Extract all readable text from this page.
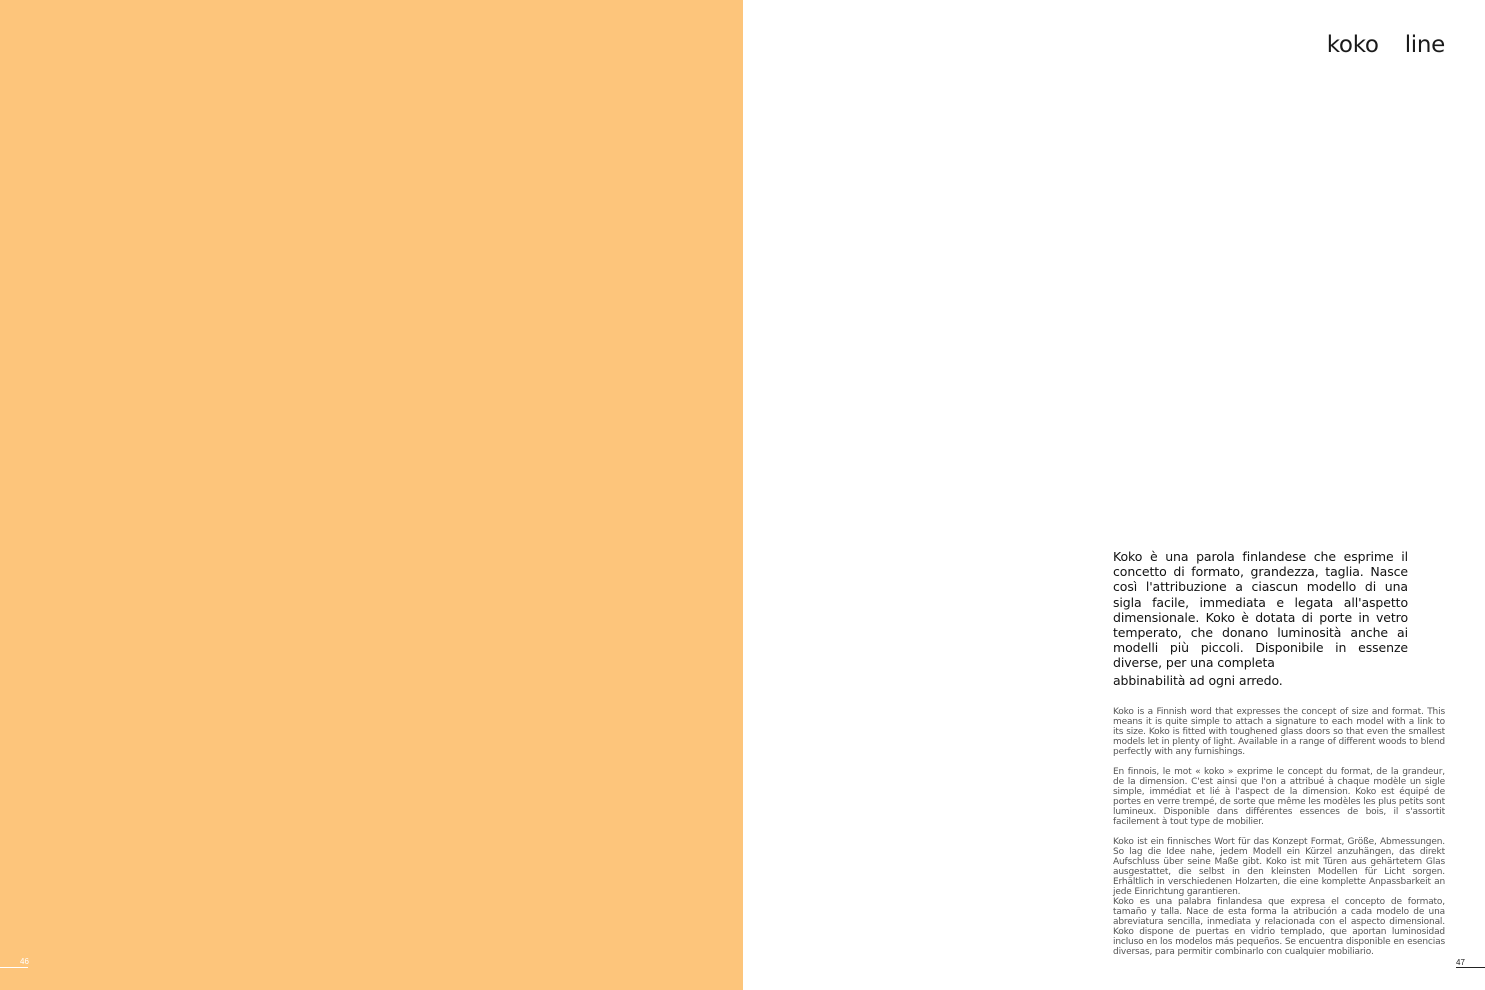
46
koko line
Koko è una parola finlandese che esprime il concetto di formato, grandezza, taglia. Nasce così l'attribuzione a ciascun modello di una sigla facile, immediata e legata all'aspetto dimensionale. Koko è dotata di porte in vetro temperato, che donano luminosità anche ai modelli più piccoli. Disponibile in essenze diverse, per una completa
abbinabilità ad ogni arredo.

Koko is a Finnish word that expresses the concept of size and format. This means it is quite simple to attach a signature to each model with a link to its size. Koko is fitted with toughened glass doors so that even the smallest models let in plenty of light. Available in a range of different woods to blend perfectly with any furnishings.

En finnois, le mot « koko » exprime le concept du format, de la grandeur, de la dimension. C'est ainsi que l'on a attribué à chaque modèle un sigle simple, immédiat et lié à l'aspect de la dimension. Koko est équipé de portes en verre trempé, de sorte que même les modèles les plus petits sont lumineux. Disponible dans différentes essences de bois, il s'assortit facilement à tout type de mobilier.

Koko ist ein finnisches Wort für das Konzept Format, Größe, Abmessungen. So lag die Idee nahe, jedem Modell ein Kürzel anzuhängen, das direkt Aufschluss über seine Maße gibt. Koko ist mit Türen aus gehärtetem Glas ausgestattet, die selbst in den kleinsten Modellen für Licht sorgen. Erhältlich in verschiedenen Holzarten, die eine komplette Anpassbarkeit an jede Einrichtung garantieren.

Koko es una palabra finlandesa que expresa el concepto de formato, tamaño y talla. Nace de esta forma la atribución a cada modelo de una abreviatura sencilla, inmediata y relacionada con el aspecto dimensional. Koko dispone de puertas en vidrio templado, que aportan luminosidad incluso en los modelos más pequeños. Se encuentra disponible en esencias diversas, para permitir combinarlo con cualquier mobiliario.

47
